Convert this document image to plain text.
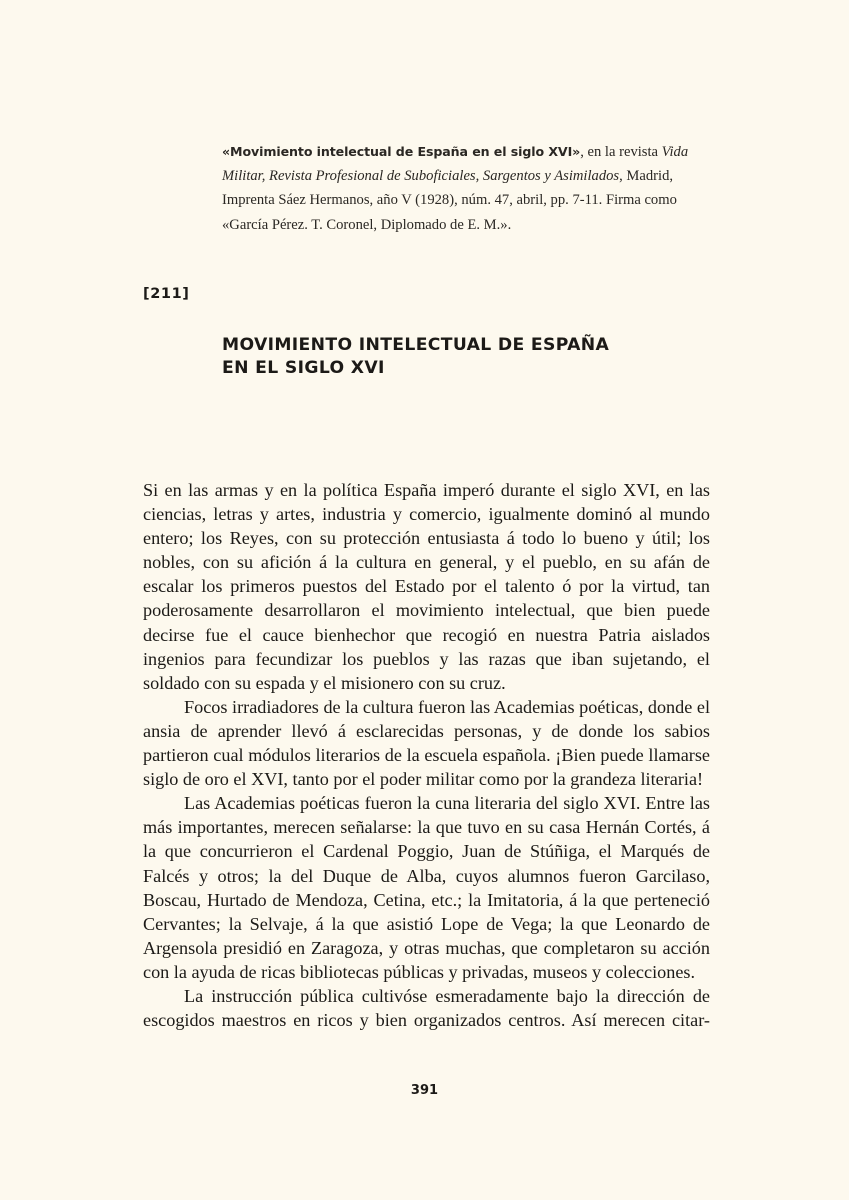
«Movimiento intelectual de España en el siglo XVI», en la revista Vida Militar, Revista Profesional de Suboficiales, Sargentos y Asimilados, Madrid, Imprenta Sáez Hermanos, año V (1928), núm. 47, abril, pp. 7-11. Firma como «García Pérez. T. Coronel, Diplomado de E. M.».
[211]
MOVIMIENTO INTELECTUAL DE ESPAÑA
EN EL SIGLO XVI

Si en las armas y en la política España imperó durante el siglo XVI, en las ciencias, letras y artes, industria y comercio, igualmente dominó al mundo entero; los Reyes, con su protección entusiasta á todo lo bueno y útil; los nobles, con su afición á la cultura en general, y el pueblo, en su afán de escalar los primeros puestos del Estado por el talento ó por la virtud, tan poderosamente desarrollaron el movimiento intelectual, que bien puede decirse fue el cauce bienhechor que recogió en nuestra Patria aislados ingenios para fecundizar los pueblos y las razas que iban sujetando, el soldado con su espada y el misionero con su cruz.

Focos irradiadores de la cultura fueron las Academias poéticas, donde el ansia de aprender llevó á esclarecidas personas, y de donde los sabios partieron cual módulos literarios de la escuela española. ¡Bien puede llamarse siglo de oro el XVI, tanto por el poder militar como por la grandeza literaria!

Las Academias poéticas fueron la cuna literaria del siglo XVI. Entre las más importantes, merecen señalarse: la que tuvo en su casa Hernán Cortés, á la que concurrieron el Cardenal Poggio, Juan de Stúñiga, el Marqués de Falcés y otros; la del Duque de Alba, cuyos alumnos fueron Garcilaso, Boscau, Hurtado de Mendoza, Cetina, etc.; la Imitatoria, á la que perteneció Cervantes; la Selvaje, á la que asistió Lope de Vega; la que Leonardo de Argensola presidió en Zaragoza, y otras muchas, que completaron su acción con la ayuda de ricas bibliotecas públicas y privadas, museos y colecciones.

La instrucción pública cultivóse esmeradamente bajo la dirección de escogidos maestros en ricos y bien organizados centros. Así merecen citar-

391
